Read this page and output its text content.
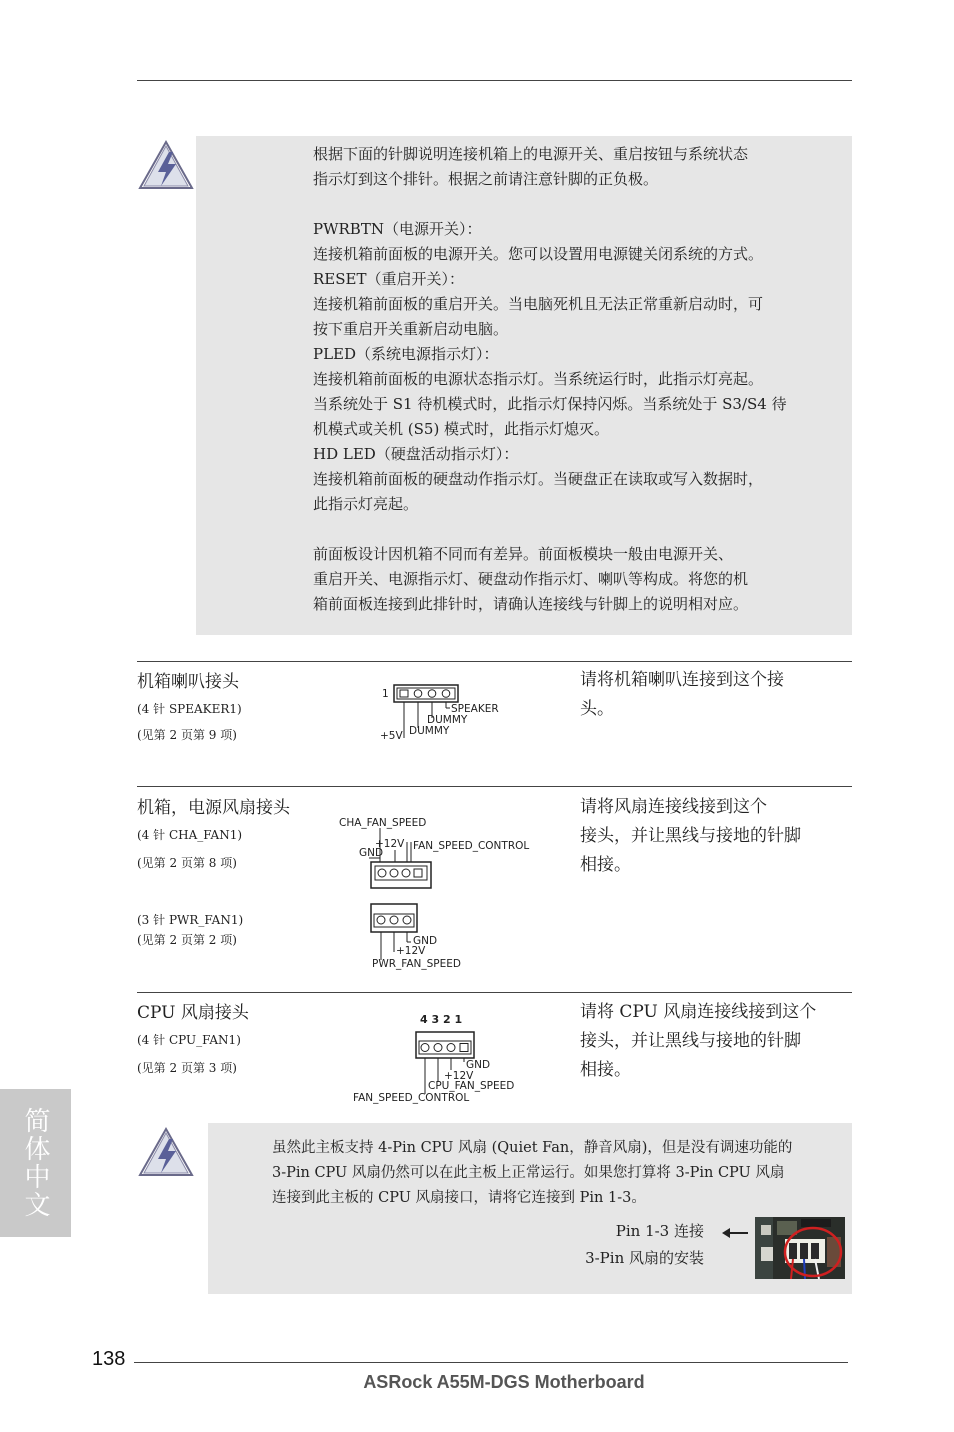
根据下面的针脚说明连接机箱上的电源开关、重启按钮与系统状态
指示灯到这个排针。根据之前请注意针脚的正负极。

PWRBTN（电源开关）：
连接机箱前面板的电源开关。您可以设置用电源键关闭系统的方式。
RESET（重启开关）：
连接机箱前面板的重启开关。当电脑死机且无法正常重新启动时，可
按下重启开关重新启动电脑。
PLED（系统电源指示灯）：
连接机箱前面板的电源状态指示灯。当系统运行时，此指示灯亮起。
当系统处于 S1 待机模式时，此指示灯保持闪烁。当系统处于 S3/S4 待
机模式或关机 (S5) 模式时，此指示灯熄灭。
HD LED（硬盘活动指示灯）：
连接机箱前面板的硬盘动作指示灯。当硬盘正在读取或写入数据时，
此指示灯亮起。

前面板设计因机箱不同而有差异。前面板模块一般由电源开关、
重启开关、电源指示灯、硬盘动作指示灯、喇叭等构成。将您的机
箱前面板连接到此排针时，请确认连接线与针脚上的说明相对应。
机箱喇叭接头
(4 针 SPEAKER1)
(见第 2 页第 9 项)
1
SPEAKER
DUMMY
DUMMY
+5V
请将机箱喇叭连接到这个接
头。
机箱，电源风扇接头
(4 针 CHA_FAN1)
(见第 2 页第 8 项)
(3 针 PWR_FAN1)
(见第 2 页第 2 项)
CHA_FAN_SPEED
+12V
GND
FAN_SPEED_CONTROL
GND
+12V
PWR_FAN_SPEED
请将风扇连接线接到这个
接头，并让黑线与接地的针脚
相接。
CPU 风扇接头
(4 针 CPU_FAN1)
(见第 2 页第 3 项)
4 3 2 1
GND
+12V
CPU_FAN_SPEED
FAN_SPEED_CONTROL
请将 CPU 风扇连接线接到这个
接头，并让黑线与接地的针脚
相接。
虽然此主板支持 4-Pin CPU 风扇 (Quiet Fan，静音风扇)，但是没有调速功能的
3-Pin CPU 风扇仍然可以在此主板上正常运行。如果您打算将 3-Pin CPU 风扇
连接到此主板的 CPU 风扇接口，请将它连接到 Pin 1-3。
Pin 1-3 连接
3-Pin 风扇的安装
简体中文
138
ASRock A55M-DGS Motherboard
